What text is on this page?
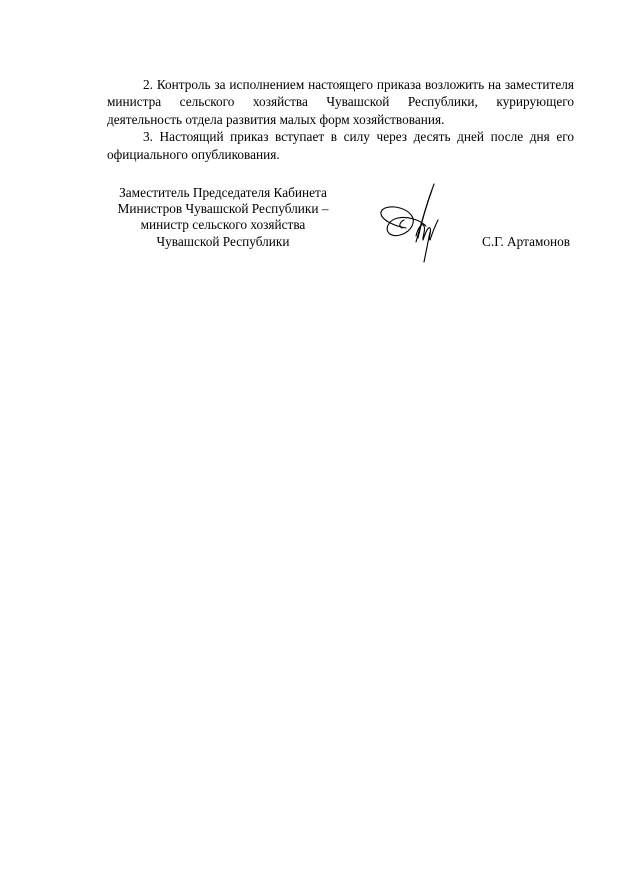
2. Контроль за исполнением настоящего приказа возложить на заместителя министра сельского хозяйства Чувашской Республики, курирующего деятельность отдела развития малых форм хозяйствования.

3. Настоящий приказ вступает в силу через десять дней после дня его официального опубликования.

Заместитель Председателя Кабинета
Министров Чувашской Республики –
министр сельского хозяйства
Чувашской Республики	С.Г. Артамонов
